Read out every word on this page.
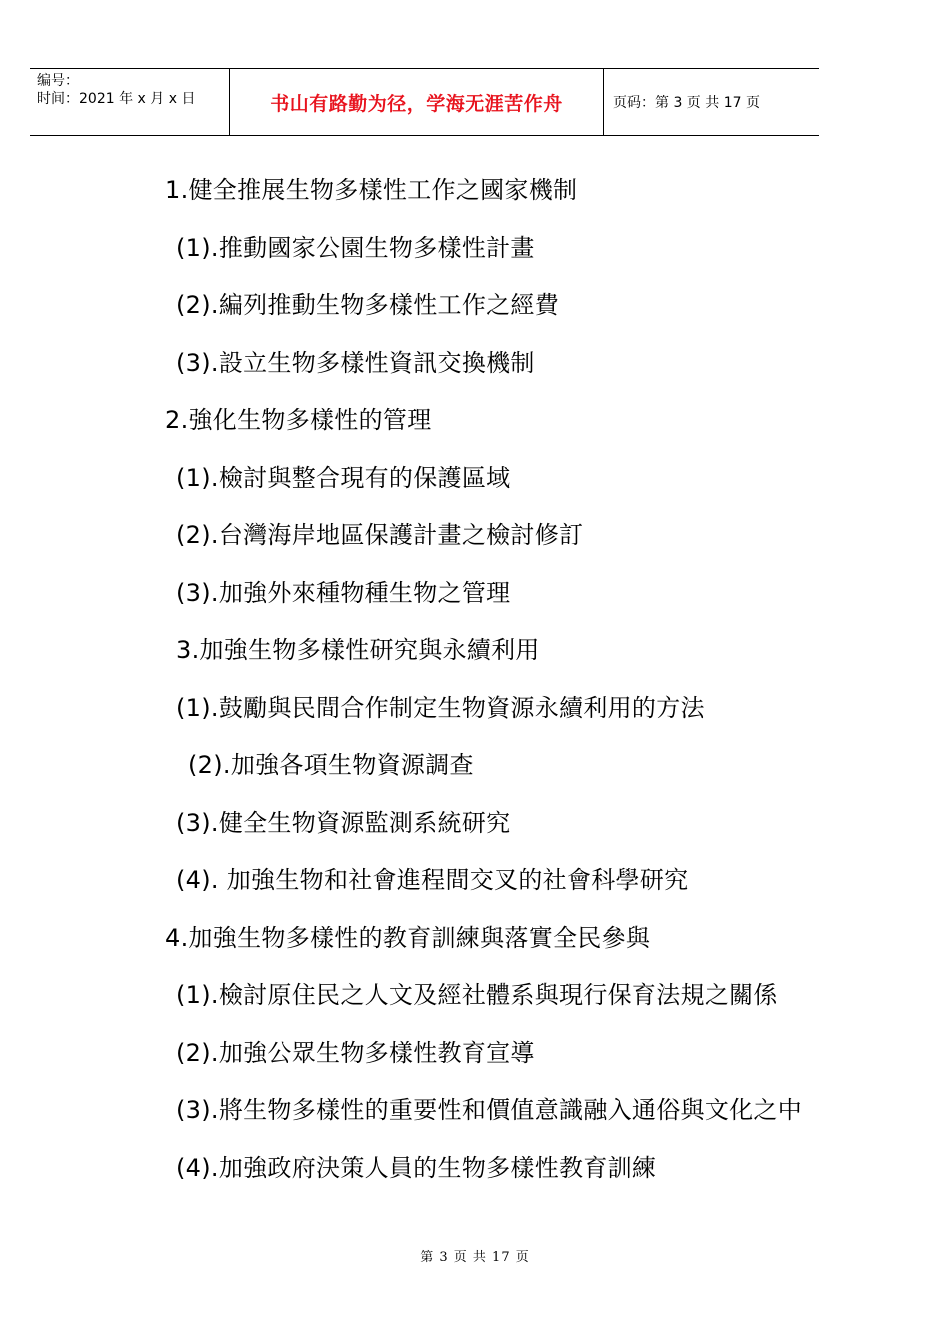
编号：
时间：2021 年 x 月 x 日	书山有路勤为径，学海无涯苦作舟	页码：第 3 页 共 17 页
1.健全推展生物多樣性工作之國家機制
(1).推動國家公園生物多樣性計畫
(2).編列推動生物多樣性工作之經費
(3).設立生物多樣性資訊交換機制
2.強化生物多樣性的管理
(1).檢討與整合現有的保護區域
(2).台灣海岸地區保護計畫之檢討修訂
(3).加強外來種物種生物之管理
3.加強生物多樣性研究與永續利用
(1).鼓勵與民間合作制定生物資源永續利用的方法
(2).加強各項生物資源調查
(3).健全生物資源監測系統研究
(4). 加強生物和社會進程間交叉的社會科學研究
4.加強生物多樣性的教育訓練與落實全民參與
(1).檢討原住民之人文及經社體系與現行保育法規之關係
(2).加強公眾生物多樣性教育宣導
(3).將生物多樣性的重要性和價值意識融入通俗與文化之中
(4).加強政府決策人員的生物多樣性教育訓練
第 3 页 共 17 页
